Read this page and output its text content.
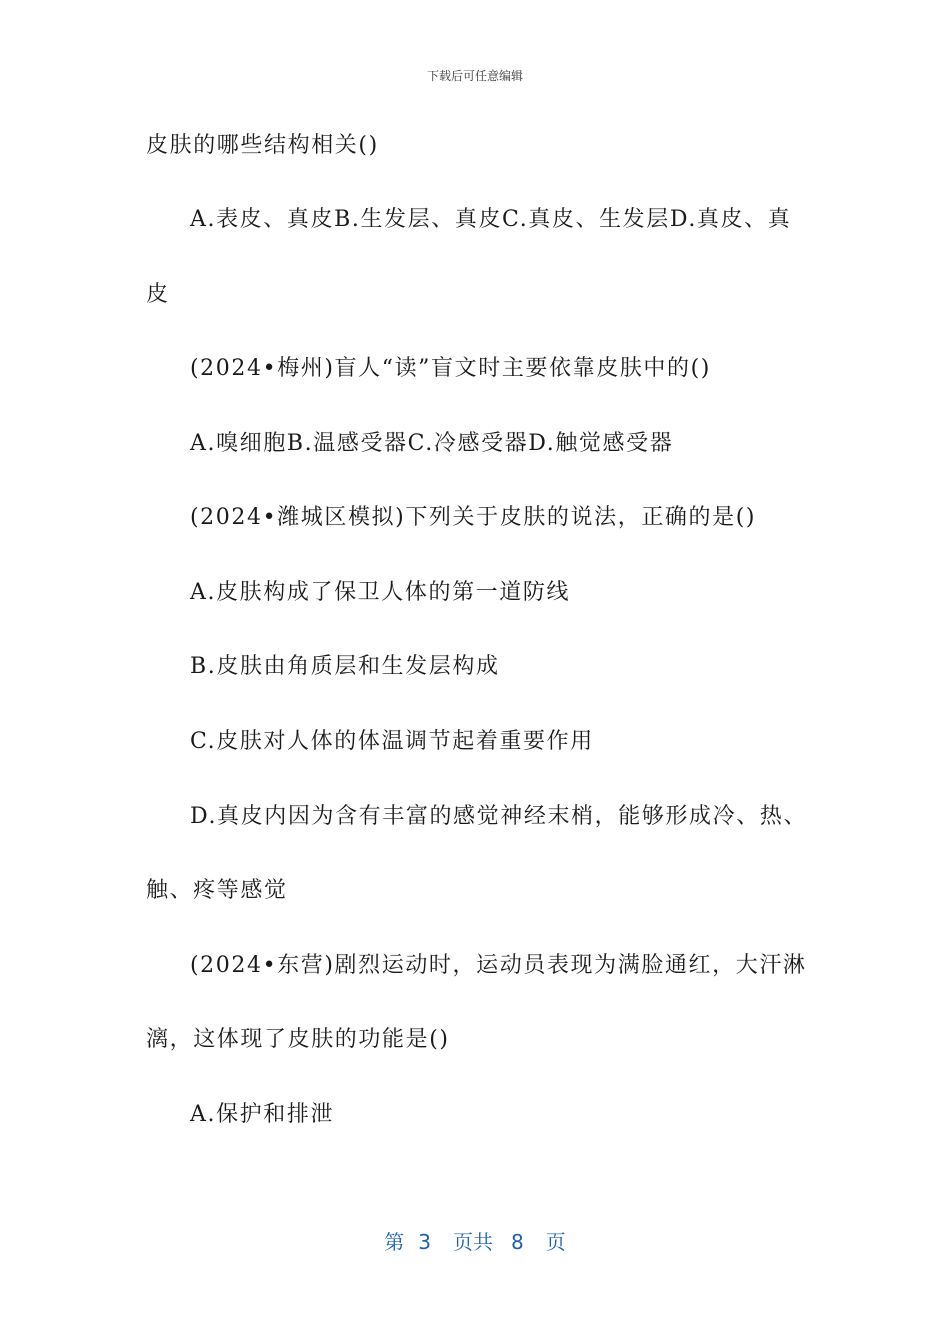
下载后可任意编辑
皮肤的哪些结构相关()
A.表皮、真皮B.生发层、真皮C.真皮、生发层D.真皮、真
皮
(2024•梅州)盲人“读”盲文时主要依靠皮肤中的()
A.嗅细胞B.温感受器C.冷感受器D.触觉感受器
(2024•潍城区模拟)下列关于皮肤的说法，正确的是()
A.皮肤构成了保卫人体的第一道防线
B.皮肤由角质层和生发层构成
C.皮肤对人体的体温调节起着重要作用
D.真皮内因为含有丰富的感觉神经末梢，能够形成冷、热、
触、疼等感觉
(2024•东营)剧烈运动时，运动员表现为满脸通红，大汗淋
漓，这体现了皮肤的功能是()
A.保护和排泄
第 3 页共 8 页
